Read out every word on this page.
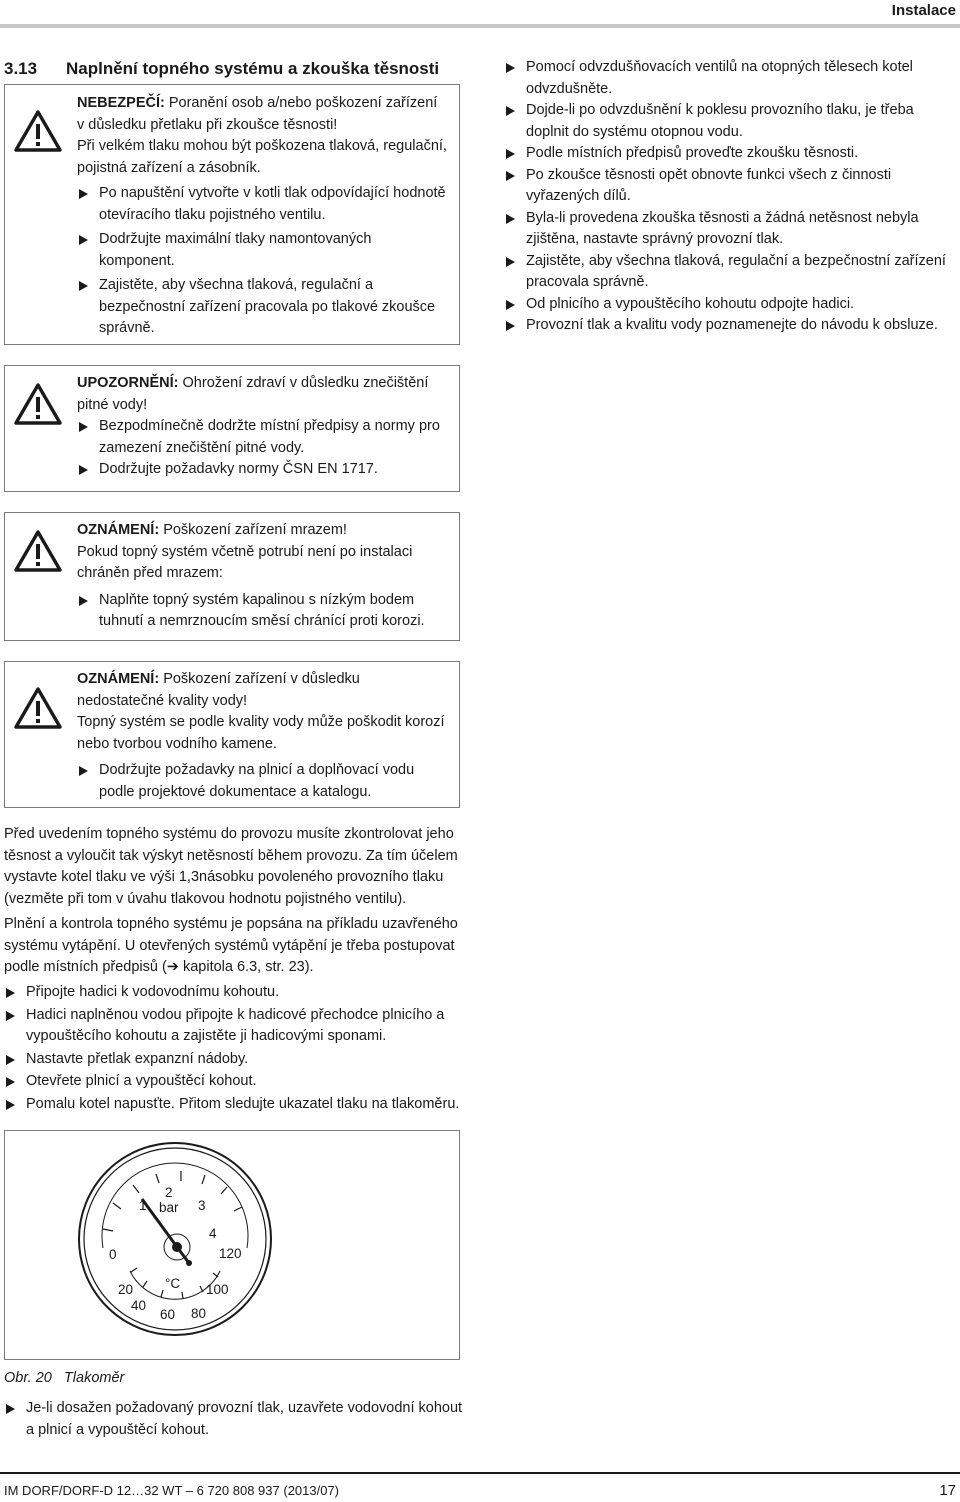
Instalace
3.13 Naplnění topného systému a zkouška těsnosti
NEBEZPEČÍ: Poranění osob a/nebo poškození zařízení v důsledku přetlaku při zkoušce těsnosti!
Při velkém tlaku mohou být poškozena tlaková, regulační, pojistná zařízení a zásobník.
Po napuštění vytvořte v kotli tlak odpovídající hodnotě otevíracího tlaku pojistného ventilu.
Dodržujte maximální tlaky namontovaných komponent.
Zajistěte, aby všechna tlaková, regulační a bezpečnostní zařízení pracovala po tlakové zkoušce správně.
Pomocí odvzdušňovacích ventilů na otopných tělesech kotel odvzdušněte.
Dojde-li po odvzdušnění k poklesu provozního tlaku, je třeba doplnit do systému otopnou vodu.
Podle místních předpisů proveďte zkoušku těsnosti.
Po zkoušce těsnosti opět obnovte funkci všech z činnosti vyřazených dílů.
Byla-li provedena zkouška těsnosti a žádná netěsnost nebyla zjištěna, nastavte správný provozní tlak.
Zajistěte, aby všechna tlaková, regulační a bezpečnostní zařízení pracovala správně.
Od plnicího a vypouštěcího kohoutu odpojte hadici.
Provozní tlak a kvalitu vody poznamenejte do návodu k obsluze.
UPOZORNĚNÍ: Ohrožení zdraví v důsledku znečištění pitné vody!
Bezpodmínečně dodržte místní předpisy a normy pro zamezení znečištění pitné vody.
Dodržujte požadavky normy ČSN EN 1717.
OZNÁMENÍ: Poškození zařízení mrazem!
Pokud topný systém včetně potrubí není po instalaci chráněn před mrazem:
Naplňte topný systém kapalinou s nízkým bodem tuhnutí a nemrznoucím směsí chránící proti korozi.
OZNÁMENÍ: Poškození zařízení v důsledku nedostatečné kvality vody!
Topný systém se podle kvality vody může poškodit korozí nebo tvorbou vodního kamene.
Dodržujte požadavky na plnicí a doplňovací vodu podle projektové dokumentace a katalogu.
Před uvedením topného systému do provozu musíte zkontrolovat jeho těsnost a vyloučit tak výskyt netěsností během provozu. Za tím účelem vystavte kotel tlaku ve výši 1,3násobku povoleného provozního tlaku (vezměte při tom v úvahu tlakovou hodnotu pojistného ventilu).
Plnění a kontrola topného systému je popsána na příkladu uzavřeného systému vytápění. U otevřených systémů vytápění je třeba postupovat podle místních předpisů (➔ kapitola 6.3, str. 23).
Připojte hadici k vodovodnímu kohoutu.
Hadici naplněnou vodou připojte k hadicové přechodce plnicího a vypouštěcího kohoutu a zajistěte ji hadicovými sponami.
Nastavte přetlak expanzní nádoby.
Otevřete plnicí a vypouštěcí kohout.
Pomalu kotel napusťte. Přitom sledujte ukazatel tlaku na tlakoměru.
0
1
2
3
4
bar
20
40
60 80
100
120
°C
Obr. 20 Tlakoměr
Je-li dosažen požadovaný provozní tlak, uzavřete vodovodní kohout a plnicí a vypouštěcí kohout.
IM DORF/DORF-D 12…32 WT – 6 720 808 937 (2013/07)	17
